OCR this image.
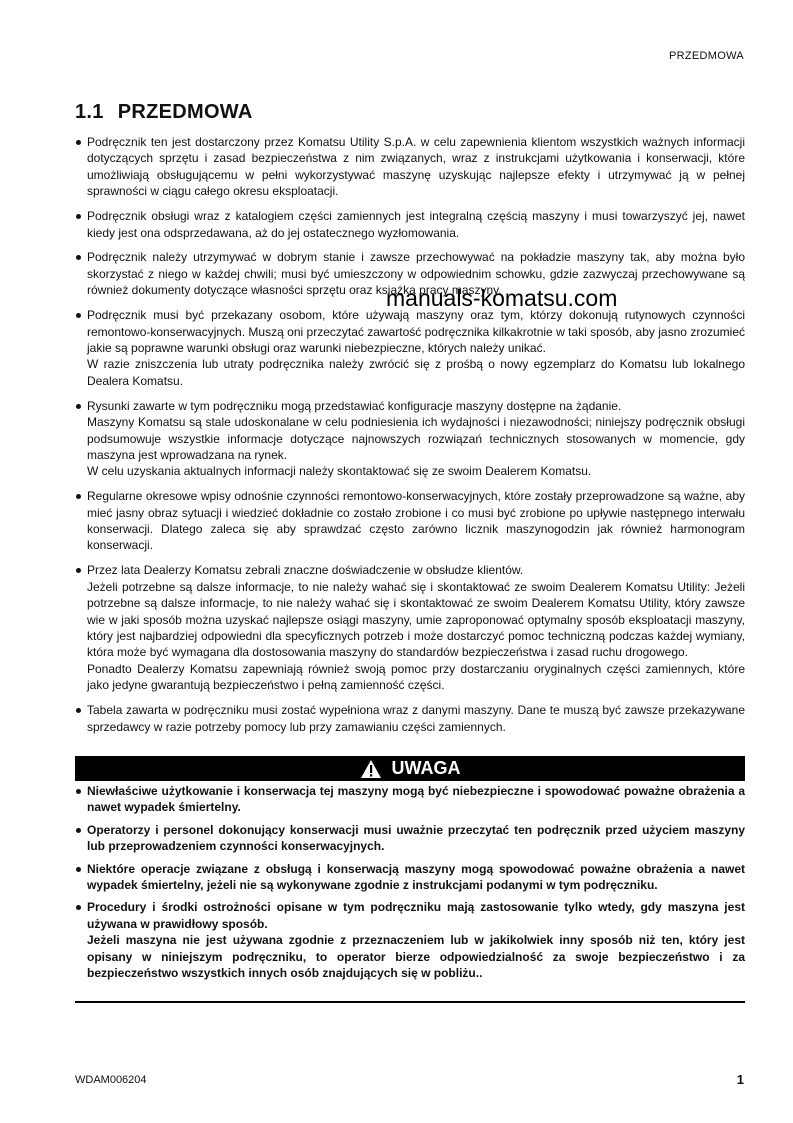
PRZEDMOWA
1.1 PRZEDMOWA

Podręcznik ten jest dostarczony przez Komatsu Utility S.p.A. w celu zapewnienia klientom wszystkich ważnych informacji dotyczących sprzętu i zasad bezpieczeństwa z nim związanych, wraz z instrukcjami użytkowania i konserwacji, które umożliwiają obsługującemu w pełni wykorzystywać maszynę uzyskując najlepsze efekty i utrzymywać ją w pełnej sprawności w ciągu całego okresu eksploatacji.

Podręcznik obsługi wraz z katalogiem części zamiennych jest integralną częścią maszyny i musi towarzyszyć jej, nawet kiedy jest ona odsprzedawana, aż do jej ostatecznego wyzłomowania.

Podręcznik należy utrzymywać w dobrym stanie i zawsze przechowywać na pokładzie maszyny tak, aby można było skorzystać z niego w każdej chwili; musi być umieszczony w odpowiednim schowku, gdzie zazwyczaj przechowywane są również dokumenty dotyczące własności sprzętu oraz książka pracy maszyny.

Podręcznik musi być przekazany osobom, które używają maszyny oraz tym, którzy dokonują rutynowych czynności remontowo-konserwacyjnych. Muszą oni przeczytać zawartość podręcznika kilkakrotnie w taki sposób, aby jasno zrozumieć jakie są poprawne warunki obsługi oraz warunki niebezpieczne, których należy unikać.

W razie zniszczenia lub utraty podręcznika należy zwrócić się z prośbą o nowy egzemplarz do Komatsu lub lokalnego Dealera Komatsu.

Rysunki zawarte w tym podręczniku mogą przedstawiać konfiguracje maszyny dostępne na żądanie.

Maszyny Komatsu są stale udoskonalane w celu podniesienia ich wydajności i niezawodności; niniejszy podręcznik obsługi podsumowuje wszystkie informacje dotyczące najnowszych rozwiązań technicznych stosowanych w momencie, gdy maszyna jest wprowadzana na rynek.

W celu uzyskania aktualnych informacji należy skontaktować się ze swoim Dealerem Komatsu.

Regularne okresowe wpisy odnośnie czynności remontowo-konserwacyjnych, które zostały przeprowadzone są ważne, aby mieć jasny obraz sytuacji i wiedzieć dokładnie co zostało zrobione i co musi być zrobione po upływie następnego interwału konserwacji. Dlatego zaleca się aby sprawdzać często zarówno licznik maszynogodzin jak również harmonogram konserwacji.

Przez lata Dealerzy Komatsu zebrali znaczne doświadczenie w obsłudze klientów.

Jeżeli potrzebne są dalsze informacje, to nie należy wahać się i skontaktować ze swoim Dealerem Komatsu Utility: Jeżeli potrzebne są dalsze informacje, to nie należy wahać się i skontaktować ze swoim Dealerem Komatsu Utility, który zawsze wie w jaki sposób można uzyskać najlepsze osiągi maszyny, umie zaproponować optymalny sposób eksploatacji maszyny, który jest najbardziej odpowiedni dla specyficznych potrzeb i może dostarczyć pomoc techniczną podczas każdej wymiany, która może być wymagana dla dostosowania maszyny do standardów bezpieczeństwa i zasad ruchu drogowego.

Ponadto Dealerzy Komatsu zapewniają również swoją pomoc przy dostarczaniu oryginalnych części zamiennych, które jako jedyne gwarantują bezpieczeństwo i pełną zamienność części.

Tabela zawarta w podręczniku musi zostać wypełniona wraz z danymi maszyny. Dane te muszą być zawsze przekazywane sprzedawcy w razie potrzeby pomocy lub przy zamawianiu części zamiennych.

UWAGA

Niewłaściwe użytkowanie i konserwacja tej maszyny mogą być niebezpieczne i spowodować poważne obrażenia a nawet wypadek śmiertelny.

Operatorzy i personel dokonujący konserwacji musi uważnie przeczytać ten podręcznik przed użyciem maszyny lub przeprowadzeniem czynności konserwacyjnych.

Niektóre operacje związane z obsługą i konserwacją maszyny mogą spowodować poważne obrażenia a nawet wypadek śmiertelny, jeżeli nie są wykonywane zgodnie z instrukcjami podanymi w tym podręczniku.

Procedury i środki ostrożności opisane w tym podręczniku mają zastosowanie tylko wtedy, gdy maszyna jest używana w prawidłowy sposób.

Jeżeli maszyna nie jest używana zgodnie z przeznaczeniem lub w jakikolwiek inny sposób niż ten, który jest opisany w niniejszym podręczniku, to operator bierze odpowiedzialność za swoje bezpieczeństwo i za bezpieczeństwo wszystkich innych osób znajdujących się w pobliżu..

manuals-komatsu.com
WDAM006204	1
